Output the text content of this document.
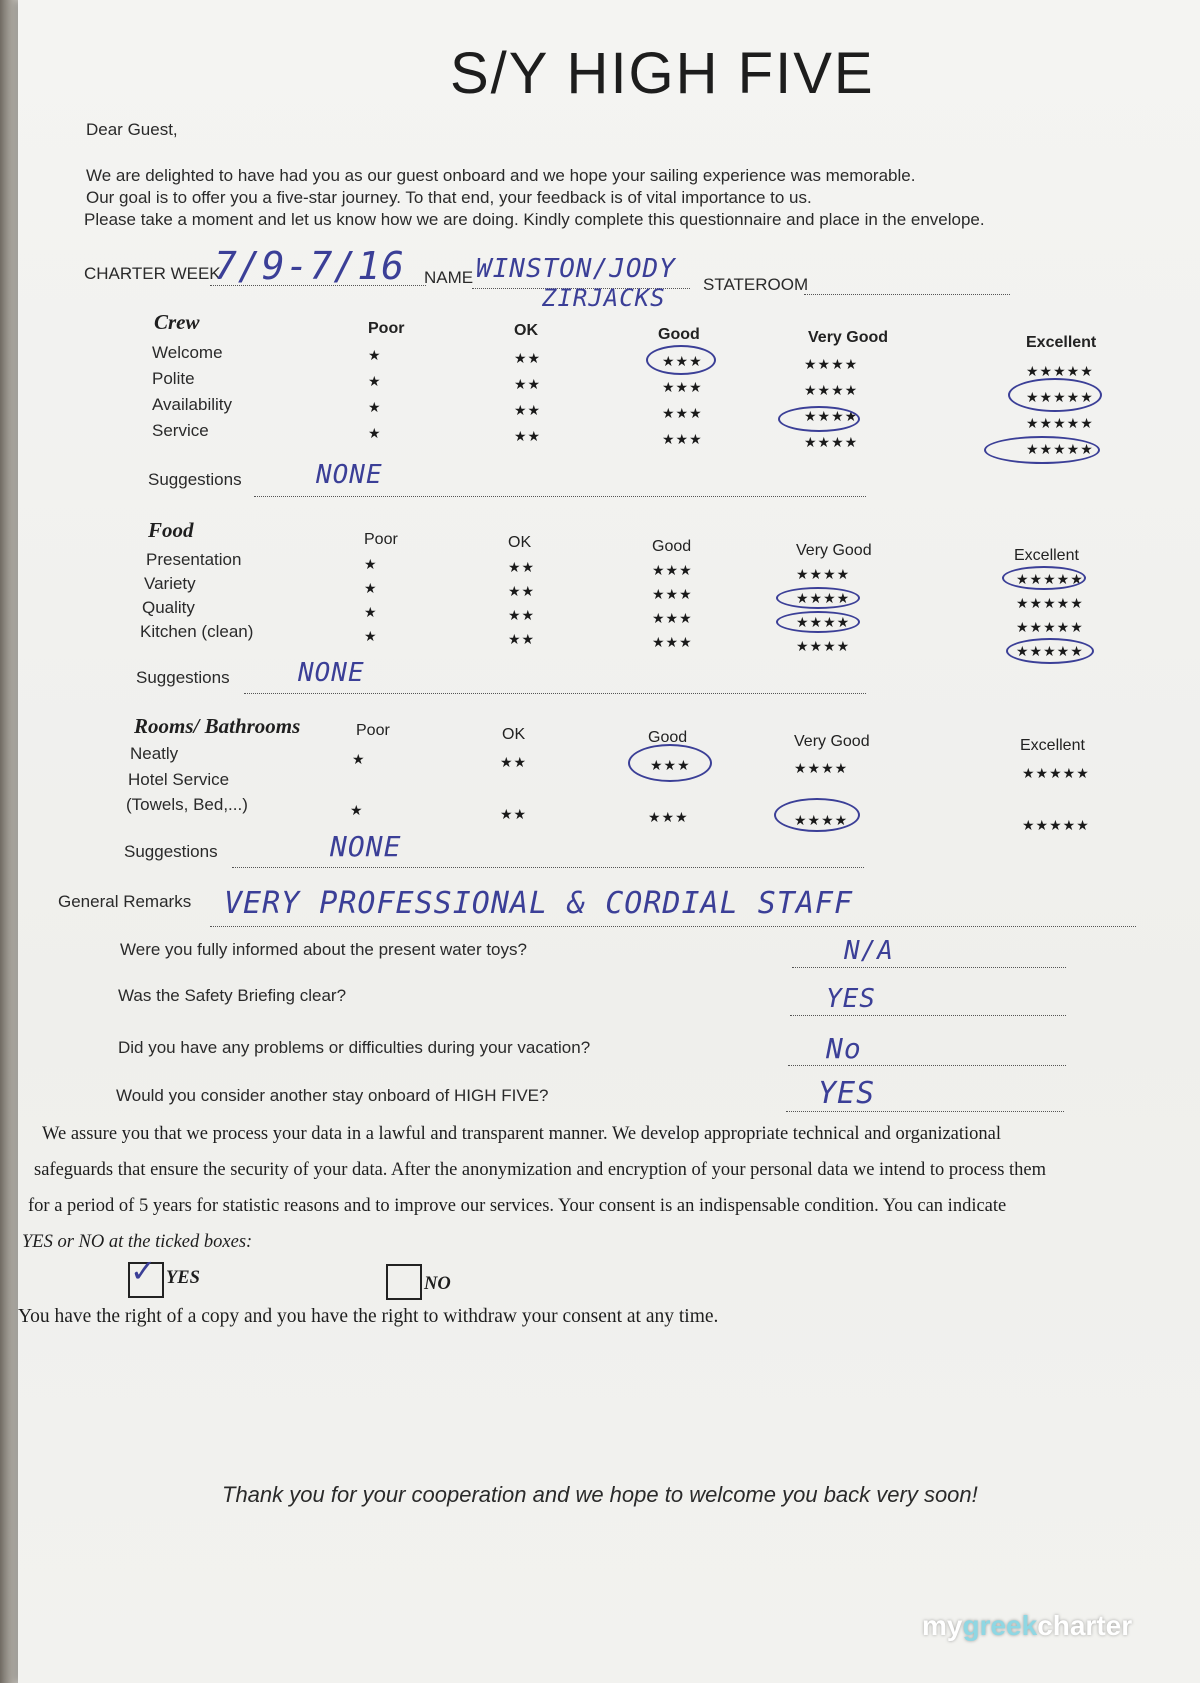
S/Y HIGH FIVE
Dear Guest,
We are delighted to have had you as our guest onboard and we hope your sailing experience was memorable.
Our goal is to offer you a five-star journey. To that end, your feedback is of vital importance to us.
Please take a moment and let us know how we are doing. Kindly complete this questionnaire and place in the envelope.
CHARTER WEEK
7/9-7/16 NAME WINSTON/JODY
ZIRJACKS STATEROOM
Crew	Poor	OK	Good	Very Good	Excellent
Welcome	★	★★	★★★	★★★★	★★★★★
Polite	★	★★	★★★	★★★★	★★★★★
Availability	★	★★	★★★	★★★★	★★★★★
Service	★	★★	★★★	★★★★	★★★★★
Suggestions	NONE
Food	Poor	OK	Good	Very Good	Excellent
Presentation	★	★★	★★★	★★★★	★★★★★
Variety	★	★★	★★★	★★★★	★★★★★
Quality	★	★★	★★★	★★★★	★★★★★
Kitchen (clean)	★	★★	★★★	★★★★	★★★★★
Suggestions	NONE
Rooms/ Bathrooms	Poor	OK	Good	Very Good	Excellent
Neatly	★	★★	★★★	★★★★	★★★★★
Hotel Service
(Towels, Bed,...)	★	★★	★★★	★★★★	★★★★★
Suggestions	NONE
General Remarks VERY PROFESSIONAL & CORDIAL STAFF
Were you fully informed about the present water toys?	N/A
Was the Safety Briefing clear?	YES
Did you have any problems or difficulties during your vacation?	No
Would you consider another stay onboard of HIGH FIVE?	YES
We assure you that we process your data in a lawful and transparent manner. We develop appropriate technical and organizational
safeguards that ensure the security of your data. After the anonymization and encryption of your personal data we intend to process them
for a period of 5 years for statistic reasons and to improve our services. Your consent is an indispensable condition. You can indicate
YES or NO at the ticked boxes:
✓ YES	NO
You have the right of a copy and you have the right to withdraw your consent at any time.
Thank you for your cooperation and we hope to welcome you back very soon!
mygreekcharter
